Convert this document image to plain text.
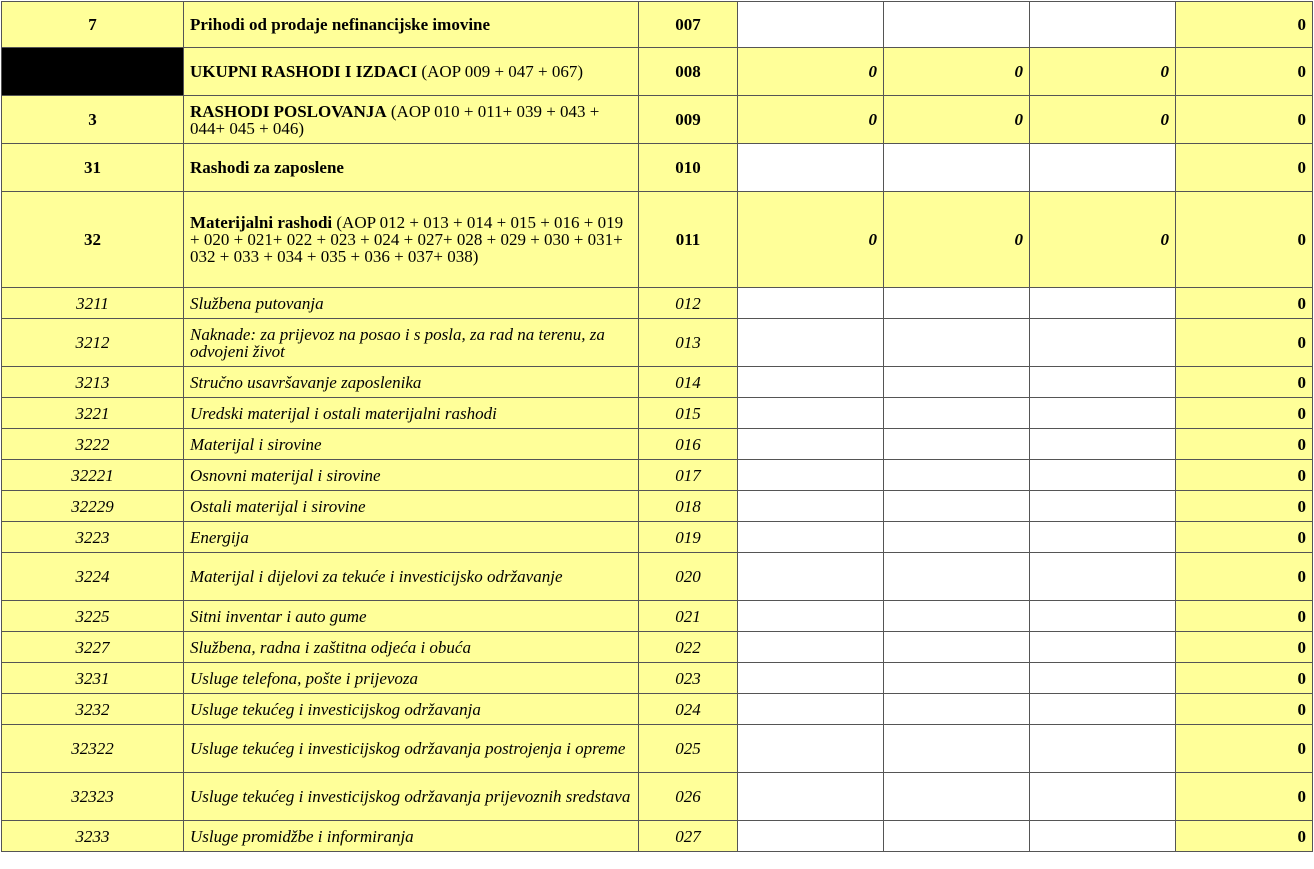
7	Prihodi od prodaje nefinancijske imovine	007				0
	UKUPNI RASHODI I IZDACI (AOP 009 + 047 + 067)	008	0	0	0	0
3	RASHODI POSLOVANJA (AOP 010 + 011+ 039 + 043 + 044+ 045 + 046)	009	0	0	0	0
31	Rashodi za zaposlene	010				0
32	Materijalni rashodi (AOP 012 + 013 + 014 + 015 + 016 + 019 + 020 + 021+ 022 + 023 + 024 + 027+ 028 + 029 + 030 + 031+ 032 + 033 + 034 + 035 + 036 + 037+ 038)	011	0	0	0	0
3211	Službena putovanja	012				0
3212	Naknade: za prijevoz na posao i s posla, za rad na terenu, za odvojeni život	013				0
3213	Stručno usavršavanje zaposlenika	014				0
3221	Uredski materijal i ostali materijalni rashodi	015				0
3222	Materijal i sirovine	016				0
32221	Osnovni materijal i sirovine	017				0
32229	Ostali materijal i sirovine	018				0
3223	Energija	019				0
3224	Materijal i dijelovi za tekuće i investicijsko održavanje	020				0
3225	Sitni inventar i auto gume	021				0
3227	Službena, radna i zaštitna odjeća i obuća	022				0
3231	Usluge telefona, pošte i prijevoza	023				0
3232	Usluge tekućeg i investicijskog održavanja	024				0
32322	Usluge tekućeg i investicijskog održavanja postrojenja i opreme	025				0
32323	Usluge tekućeg i investicijskog održavanja prijevoznih sredstava	026				0
3233	Usluge promidžbe i informiranja	027				0
